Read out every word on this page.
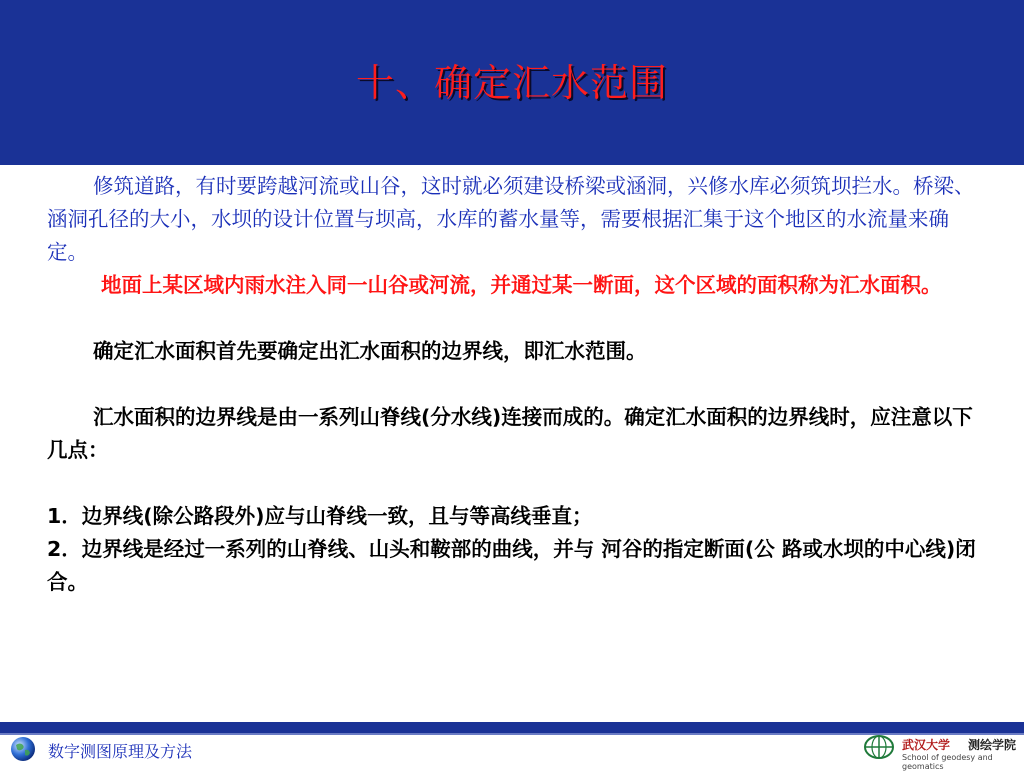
十、确定汇水范围

修筑道路，有时要跨越河流或山谷，这时就必须建设桥梁或涵洞，兴修水库必须筑坝拦水。桥梁、涵洞孔径的大小，水坝的设计位置与坝高，水库的蓄水量等，需要根据汇集于这个地区的水流量来确定。

地面上某区域内雨水注入同一山谷或河流，并通过某一断面，这个区域的面积称为汇水面积。

确定汇水面积首先要确定出汇水面积的边界线，即汇水范围。

汇水面积的边界线是由一系列山脊线(分水线)连接而成的。确定汇水面积的边界线时，应注意以下几点：

1．边界线(除公路段外)应与山脊线一致，且与等高线垂直；

2．边界线是经过一系列的山脊线、山头和鞍部的曲线，并与 河谷的指定断面(公 路或水坝的中心线)闭合。

数字测图原理及方法	武汉大学 测绘学院
School of geodesy and geomatics
